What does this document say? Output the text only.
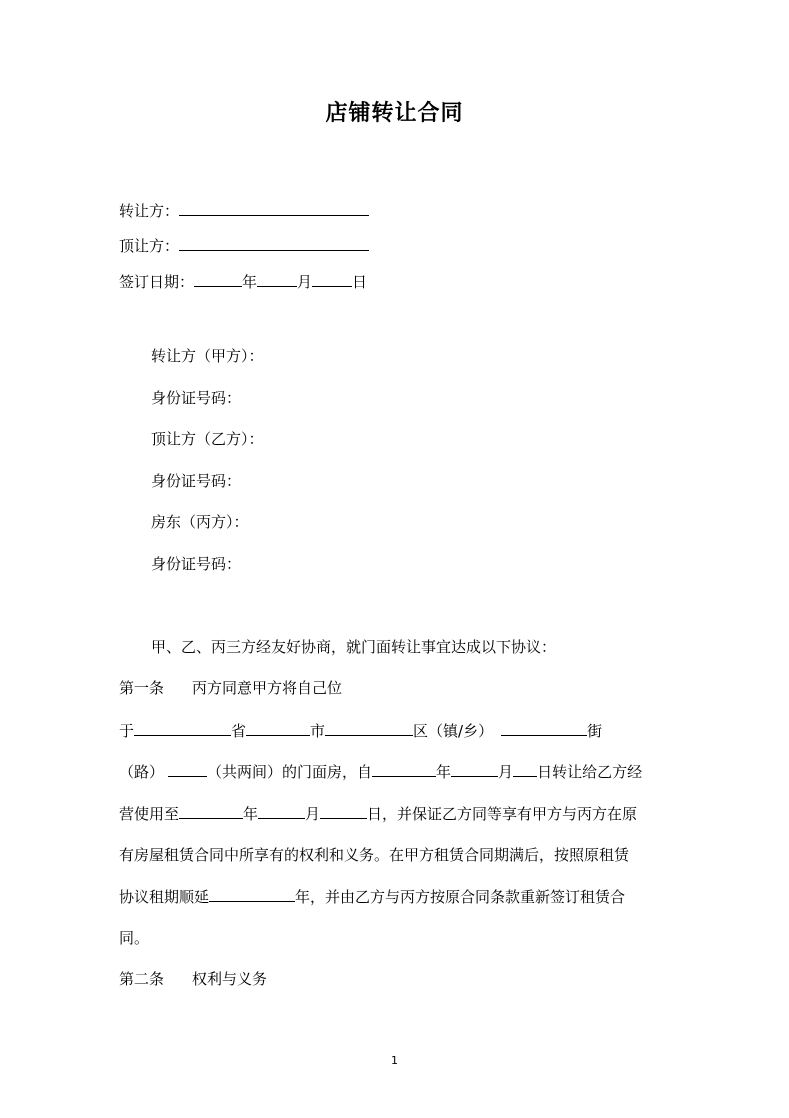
店铺转让合同
转让方：
顶让方：
签订日期：	年	月	日
转让方（甲方）：
身份证号码：
顶让方（乙方）：
身份证号码：
房东（丙方）：
身份证号码：
甲、乙、丙三方经友好协商，就门面转让事宜达成以下协议：
第一条 丙方同意甲方将自己位
于	省	市	区（镇/乡）	街
（路）	（共两间）的门面房，自	年	月 日转让给乙方经
营使用至	年	月	日，并保证乙方同等享有甲方与丙方在原
有房屋租赁合同中所享有的权利和义务。在甲方租赁合同期满后，按照原租赁
协议租期顺延	年，并由乙方与丙方按原合同条款重新签订租赁合
同。
第二条 权利与义务
1
